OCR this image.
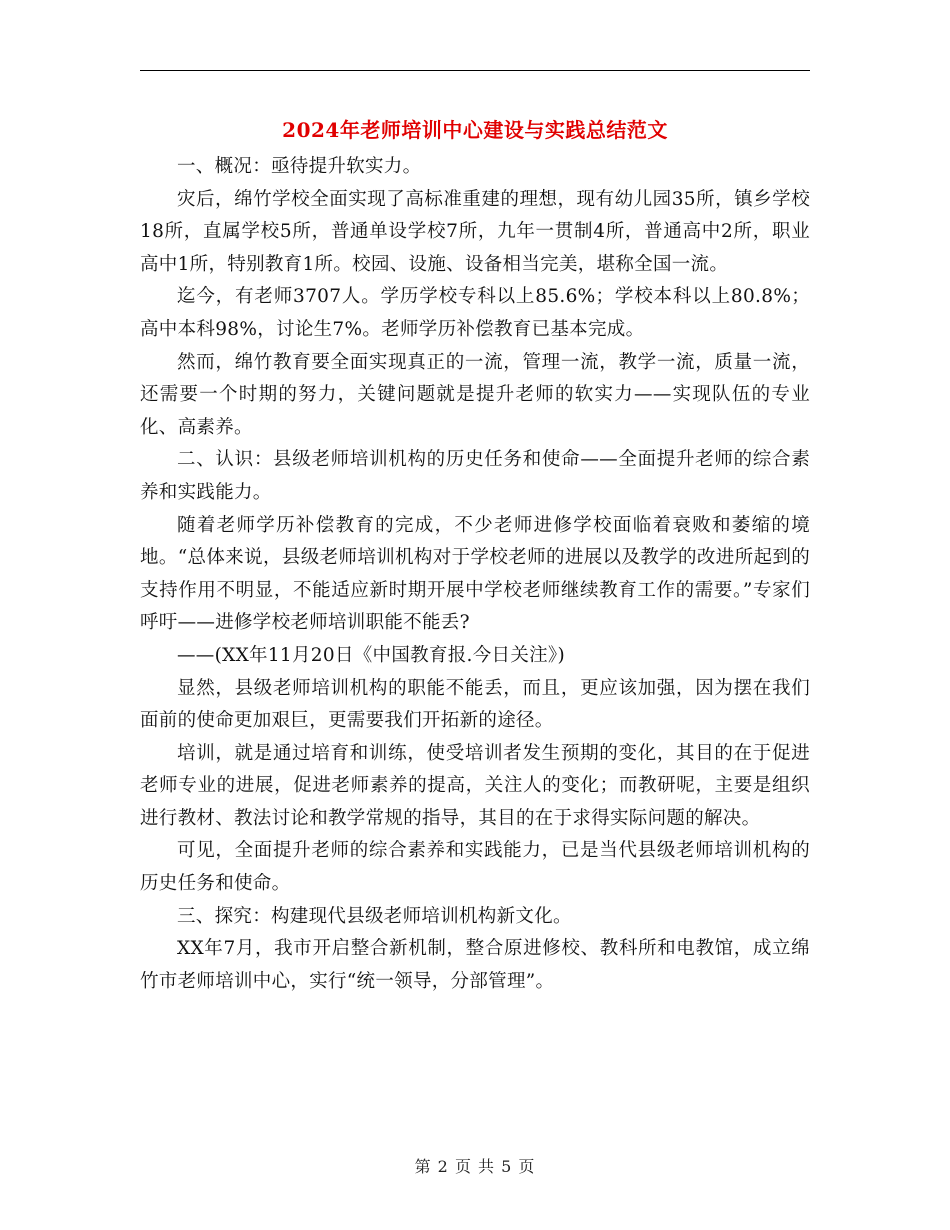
2024年老师培训中心建设与实践总结范文

一、概况：亟待提升软实力。

灾后，绵竹学校全面实现了高标准重建的理想，现有幼儿园35所，镇乡学校18所，直属学校5所，普通单设学校7所，九年一贯制4所，普通高中2所，职业高中1所，特别教育1所。校园、设施、设备相当完美，堪称全国一流。

迄今，有老师3707人。学历学校专科以上85.6%；学校本科以上80.8%；高中本科98%，讨论生7%。老师学历补偿教育已基本完成。

然而，绵竹教育要全面实现真正的一流，管理一流，教学一流，质量一流，还需要一个时期的努力，关键问题就是提升老师的软实力——实现队伍的专业化、高素养。

二、认识：县级老师培训机构的历史任务和使命——全面提升老师的综合素养和实践能力。

随着老师学历补偿教育的完成，不少老师进修学校面临着衰败和萎缩的境地。“总体来说，县级老师培训机构对于学校老师的进展以及教学的改进所起到的支持作用不明显，不能适应新时期开展中学校老师继续教育工作的需要。”专家们呼吁——进修学校老师培训职能不能丢?

——(XX年11月20日《中国教育报.今日关注》)

显然，县级老师培训机构的职能不能丢，而且，更应该加强，因为摆在我们面前的使命更加艰巨，更需要我们开拓新的途径。

培训，就是通过培育和训练，使受培训者发生预期的变化，其目的在于促进老师专业的进展，促进老师素养的提高，关注人的变化；而教研呢，主要是组织进行教材、教法讨论和教学常规的指导，其目的在于求得实际问题的解决。

可见，全面提升老师的综合素养和实践能力，已是当代县级老师培训机构的历史任务和使命。

三、探究：构建现代县级老师培训机构新文化。

XX年7月，我市开启整合新机制，整合原进修校、教科所和电教馆，成立绵竹市老师培训中心，实行“统一领导，分部管理”。

第 2 页 共 5 页
